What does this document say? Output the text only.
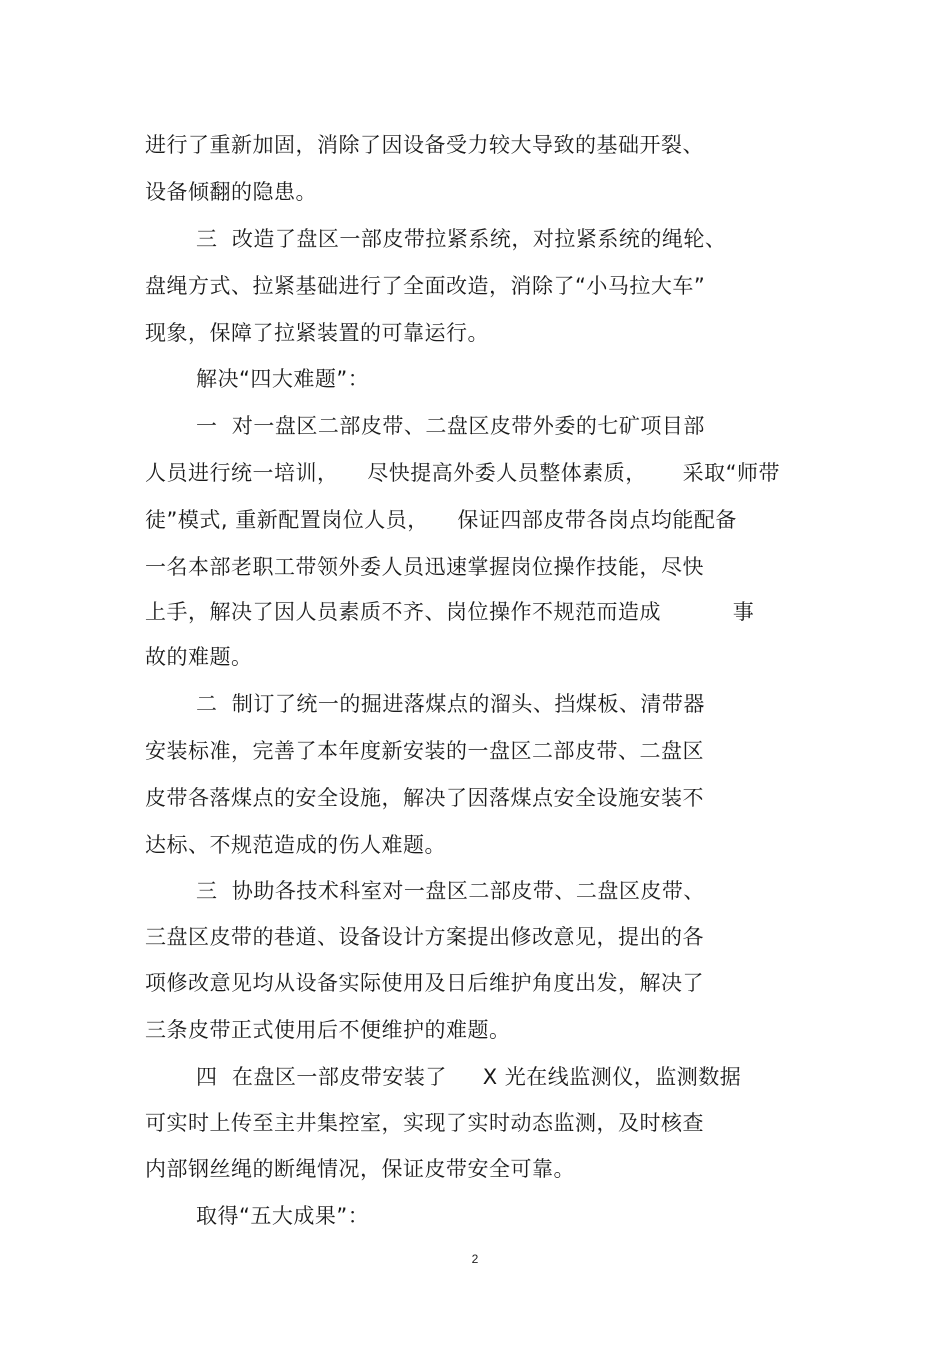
进行了重新加固，消除了因设备受力较大导致的基础开裂、
设备倾翻的隐患。
三  改造了盘区一部皮带拉紧系统，对拉紧系统的绳轮、
盘绳方式、拉紧基础进行了全面改造，消除了“小马拉大车”
现象，保障了拉紧装置的可靠运行。
解决“四大难题”：
一  对一盘区二部皮带、二盘区皮带外委的七矿项目部
人员进行统一培训，    尽快提高外委人员整体素质，     采取“师带
徒”模式, 重新配置岗位人员，    保证四部皮带各岗点均能配备
一名本部老职工带领外委人员迅速掌握岗位操作技能，尽快
上手，解决了因人员素质不齐、岗位操作不规范而造成          事
故的难题。
二  制订了统一的掘进落煤点的溜头、挡煤板、清带器
安装标准，完善了本年度新安装的一盘区二部皮带、二盘区
皮带各落煤点的安全设施，解决了因落煤点安全设施安装不
达标、不规范造成的伤人难题。
三  协助各技术科室对一盘区二部皮带、二盘区皮带、
三盘区皮带的巷道、设备设计方案提出修改意见，提出的各
项修改意见均从设备实际使用及日后维护角度出发，解决了
三条皮带正式使用后不便维护的难题。
四  在盘区一部皮带安装了     X 光在线监测仪，监测数据
可实时上传至主井集控室，实现了实时动态监测，及时核查
内部钢丝绳的断绳情况，保证皮带安全可靠。
取得“五大成果”：
2
